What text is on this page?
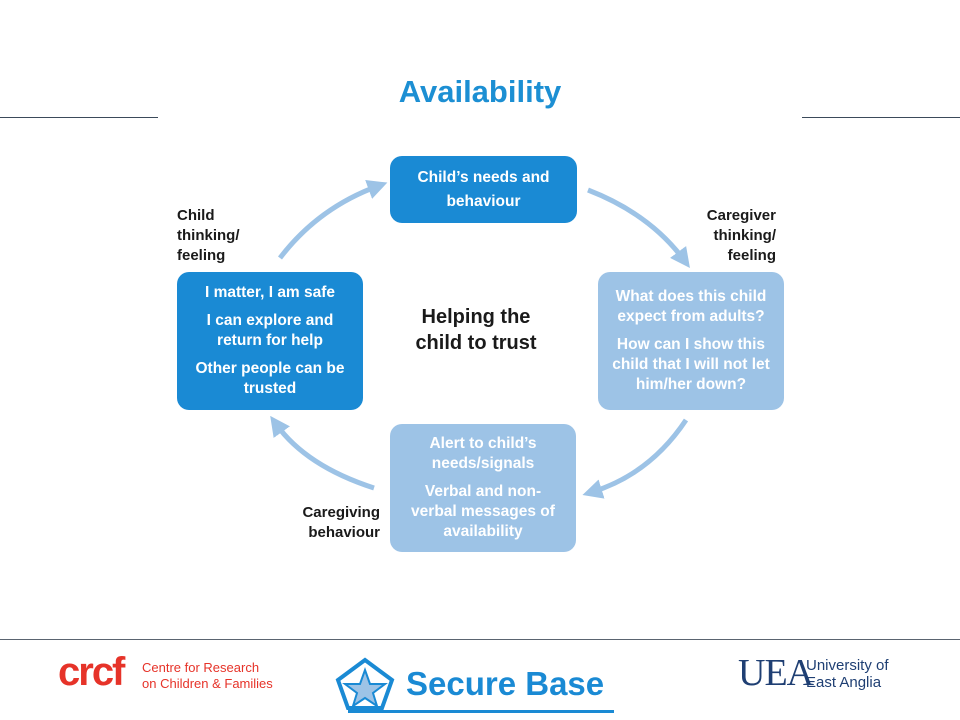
Availability
Child’s needs and
behaviour
What does this child
expect from adults?
How can I show this
child that I will not let
him/her down?
Alert to child’s
needs/signals
Verbal and non-
verbal messages of
availability
I matter, I am safe
I can explore and
return for help
Other people can be
trusted
Helping the
child to trust
Child
thinking/
feeling
Caregiver
thinking/
feeling
Caregiving
behaviour
crcf Centre for Research
on Children & Families	Secure Base	UEA
University of
East Anglia
